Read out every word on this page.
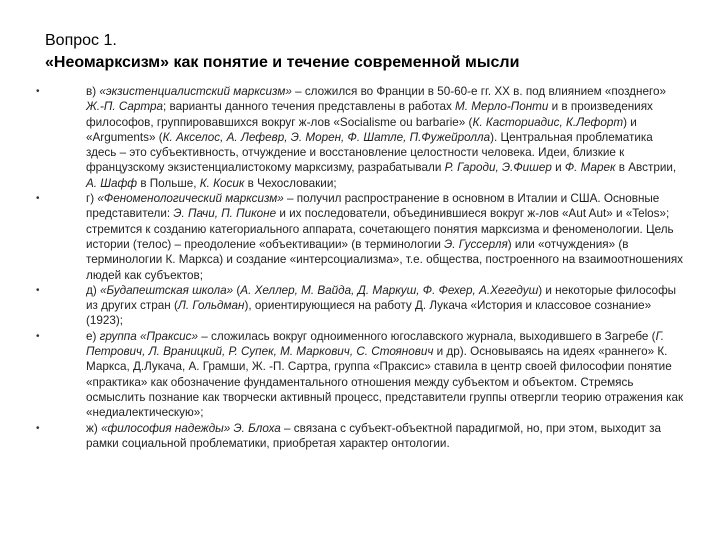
Вопрос 1.
«Неомарксизм» как понятие и течение современной мысли
•	в) «экзистенциалистский марксизм» – сложился во Франции в 50-60-е гг. XX в. под влиянием «позднего» Ж.-П. Сартра; варианты данного течения представлены в работах М. Мерло-Понти и в произведениях философов, группировавшихся вокруг ж-лов «Socialisme ou barbarie» (К. Касториадис, К.Лефорт) и «Arguments» (К. Акселос, А. Лефевр, Э. Морен, Ф. Шатле, П.Фужейролла). Центральная проблематика здесь – это субъективность, отчуждение и восстановление целостности человека. Идеи, близкие к французскому экзистенциалистокому марксизму, разрабатывали Р. Гароди, Э.Фишер и Ф. Марек в Австрии, А. Шафф в Польше, К. Косик в Чехословакии;
•	г) «Феноменологический марксизм» – получил распространение в основном в Италии и США. Основные представители: Э. Пачи, П. Пиконе и их последователи, объединившиеся вокруг ж-лов «Aut Aut» и «Telos»; стремится к созданию категориального аппарата, сочетающего понятия марксизма и феноменологии. Цель истории (телос) – преодоление «объективации» (в терминологии Э. Гуссерля) или «отчуждения» (в терминологии К. Маркса) и создание «интерсоциализма», т.е. общества, построенного на взаимоотношениях людей как субъектов;
•	д) «Будапештская школа» (А. Хеллер, М. Вайда, Д. Маркуш, Ф. Фехер, А.Хегедуш) и некоторые философы из других стран (Л. Гольдман), ориентирующиеся на работу Д. Лукача «История и классовое сознание» (1923);
•	е) группа «Праксис» – сложилась вокруг одноименного югославского журнала, выходившего в Загребе (Г. Петрович, Л. Враницкий, Р. Супек, М. Маркович, С. Стоянович и др). Основываясь на идеях «раннего» К. Маркса, Д.Лукача, А. Грамши, Ж. -П. Сартра, группа «Праксис» ставила в центр своей философии понятие «практика» как обозначение фундаментального отношения между субъектом и объектом. Стремясь осмыслить познание как творчески активный процесс, представители группы отвергли теорию отражения как «недиалектическую»;
•	ж) «философия надежды» Э. Блоха – связана с субъект-объектной парадигмой, но, при этом, выходит за рамки социальной проблематики, приобретая характер онтологии.
